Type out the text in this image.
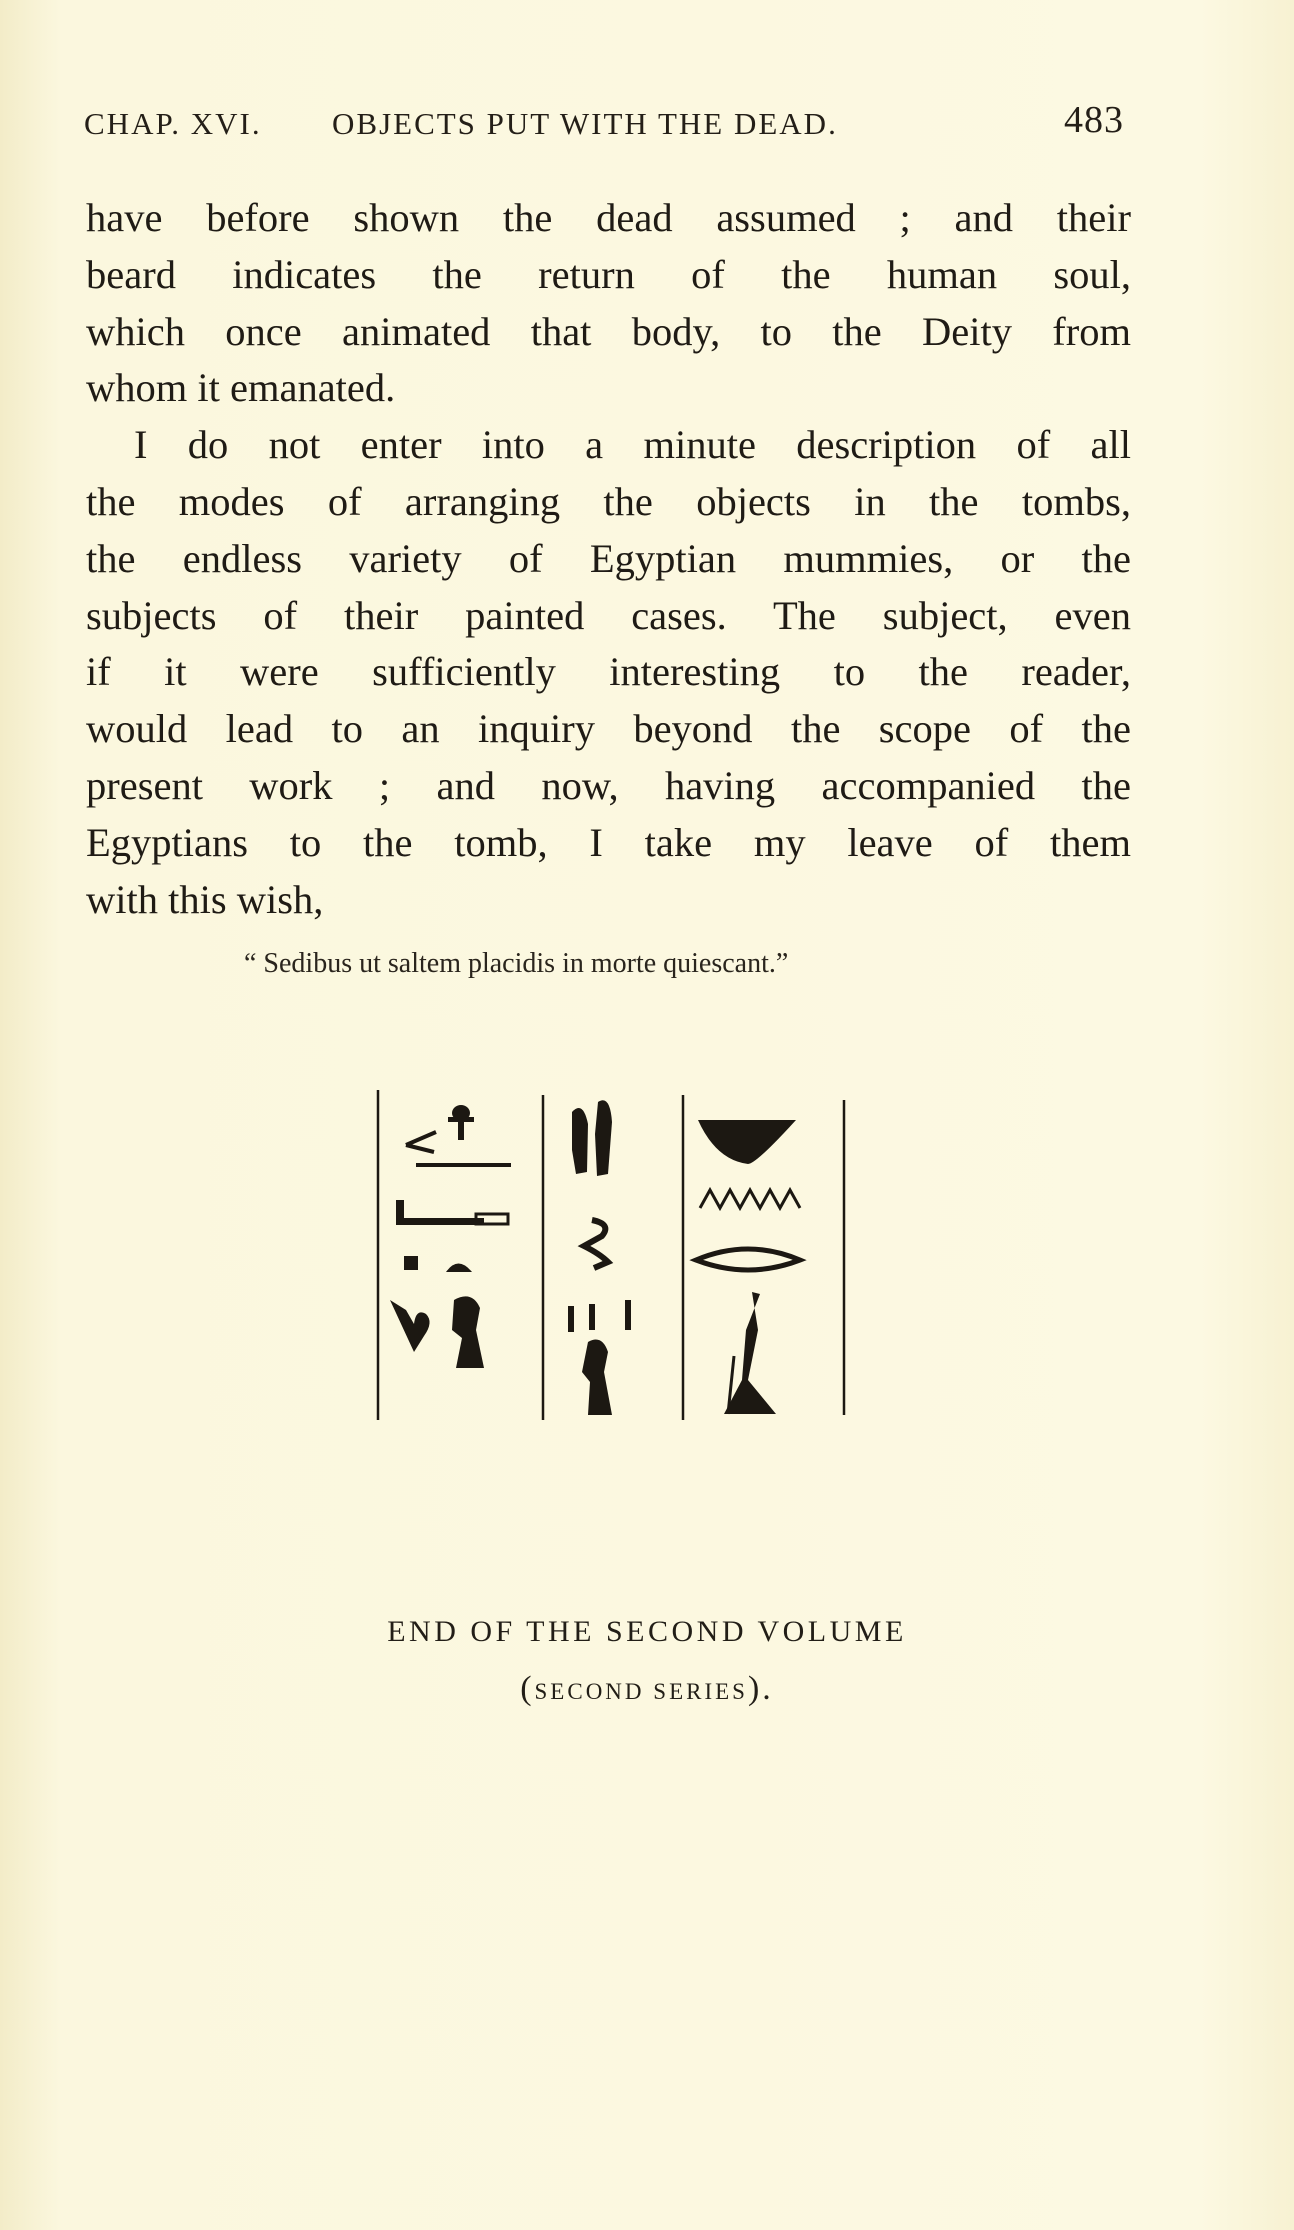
CHAP. XVI. OBJECTS PUT WITH THE DEAD.	483
have before shown the dead assumed ; and their
beard indicates the return of the human soul,
which once animated that body, to the Deity from
whom it emanated.
I do not enter into a minute description of all
the modes of arranging the objects in the tombs,
the endless variety of Egyptian mummies, or the
subjects of their painted cases. The subject, even
if it were sufficiently interesting to the reader,
would lead to an inquiry beyond the scope of the
present work ; and now, having accompanied the
Egyptians to the tomb, I take my leave of them
with this wish,
“ Sedibus ut saltem placidis in morte quiescant.”
END OF THE SECOND VOLUME
(SECOND SERIES).
